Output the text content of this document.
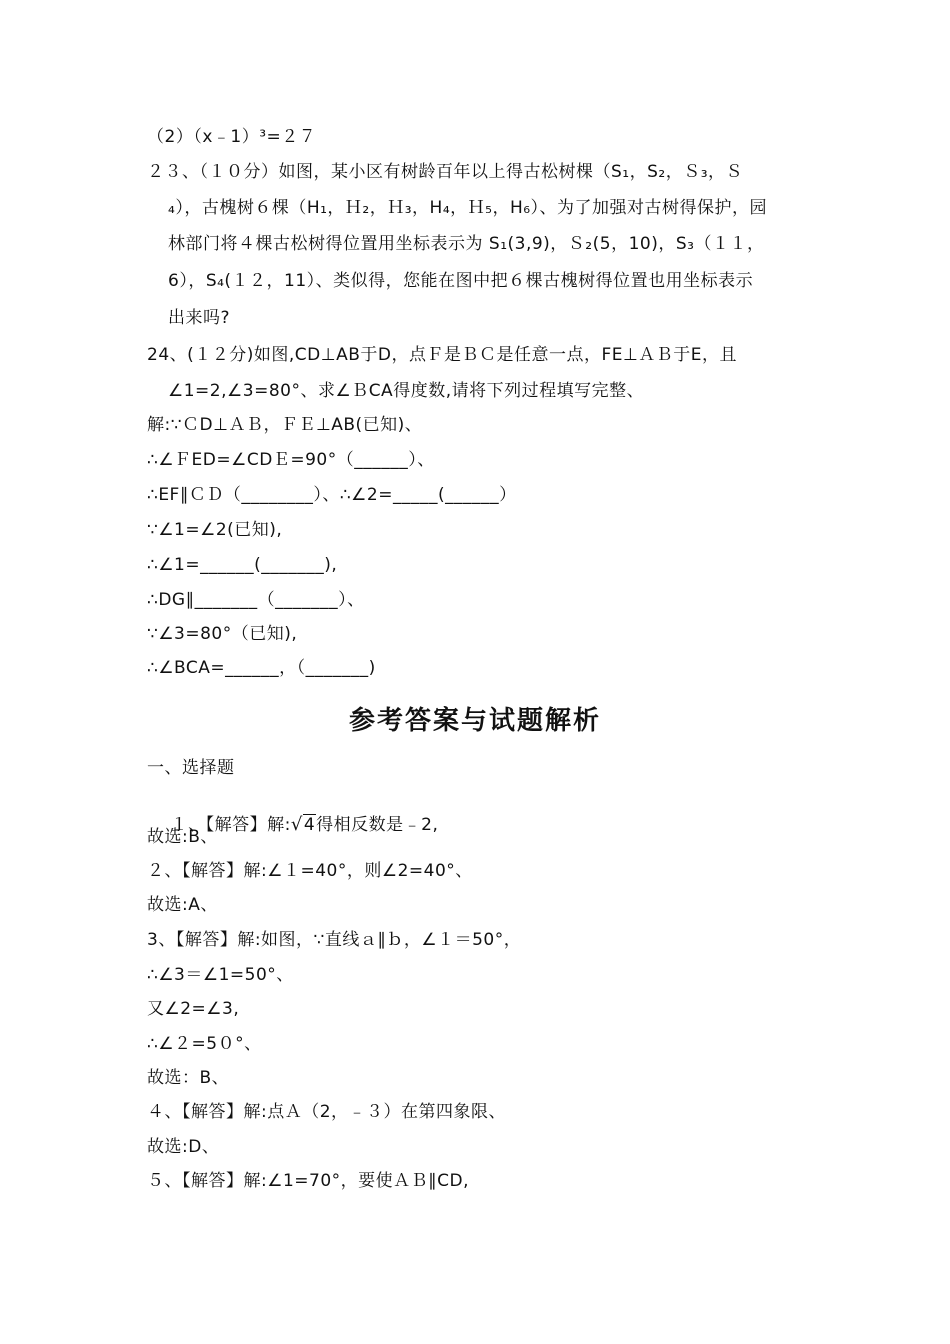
（2）（x﹣1）³=２７
２３、（１０分）如图，某小区有树龄百年以上得古松树棵（S₁，S₂，Ｓ₃，Ｓ
₄），古槐树６棵（H₁，Ｈ₂，Ｈ₃，H₄，Ｈ₅，H₆）、为了加强对古树得保护，园
林部门将４棵古松树得位置用坐标表示为 S₁(3,9)，Ｓ₂(5，10)，S₃（１１，
6），S₄(１２，11）、类似得，您能在图中把６棵古槐树得位置也用坐标表示
出来吗?
24、(１２分)如图,CD⊥AB于D，点Ｆ是ＢＣ是任意一点，FE⊥ＡＢ于E，且
∠1=2,∠3=80°、求∠ＢCA得度数,请将下列过程填写完整、
解:∵ＣD⊥ＡＢ，ＦＥ⊥AB(已知)、
∴∠ＦED=∠CDＥ=90°（______）、
∴EF∥ＣＤ（________）、∴∠2=_____(______）
∵∠1=∠2(已知),
∴∠1=______(_______),
∴DG∥_______（_______）、
∵∠3=80°（已知),
∴∠BCA=______，（_______)
参考答案与试题解析
一、选择题

１、【解答】解:√4得相反数是﹣2,

故选:B、
２、【解答】解:∠１=40°，则∠2=40°、
故选:A、
3、【解答】解:如图，∵直线ａ∥ｂ，∠１＝50°，
∴∠3＝∠1=50°、
又∠2=∠3,
∴∠２=5０°、
故选：B、
４、【解答】解:点Ａ（2，﹣３）在第四象限、
故选:D、
５、【解答】解:∠1=70°，要使ＡＢ∥CD,
